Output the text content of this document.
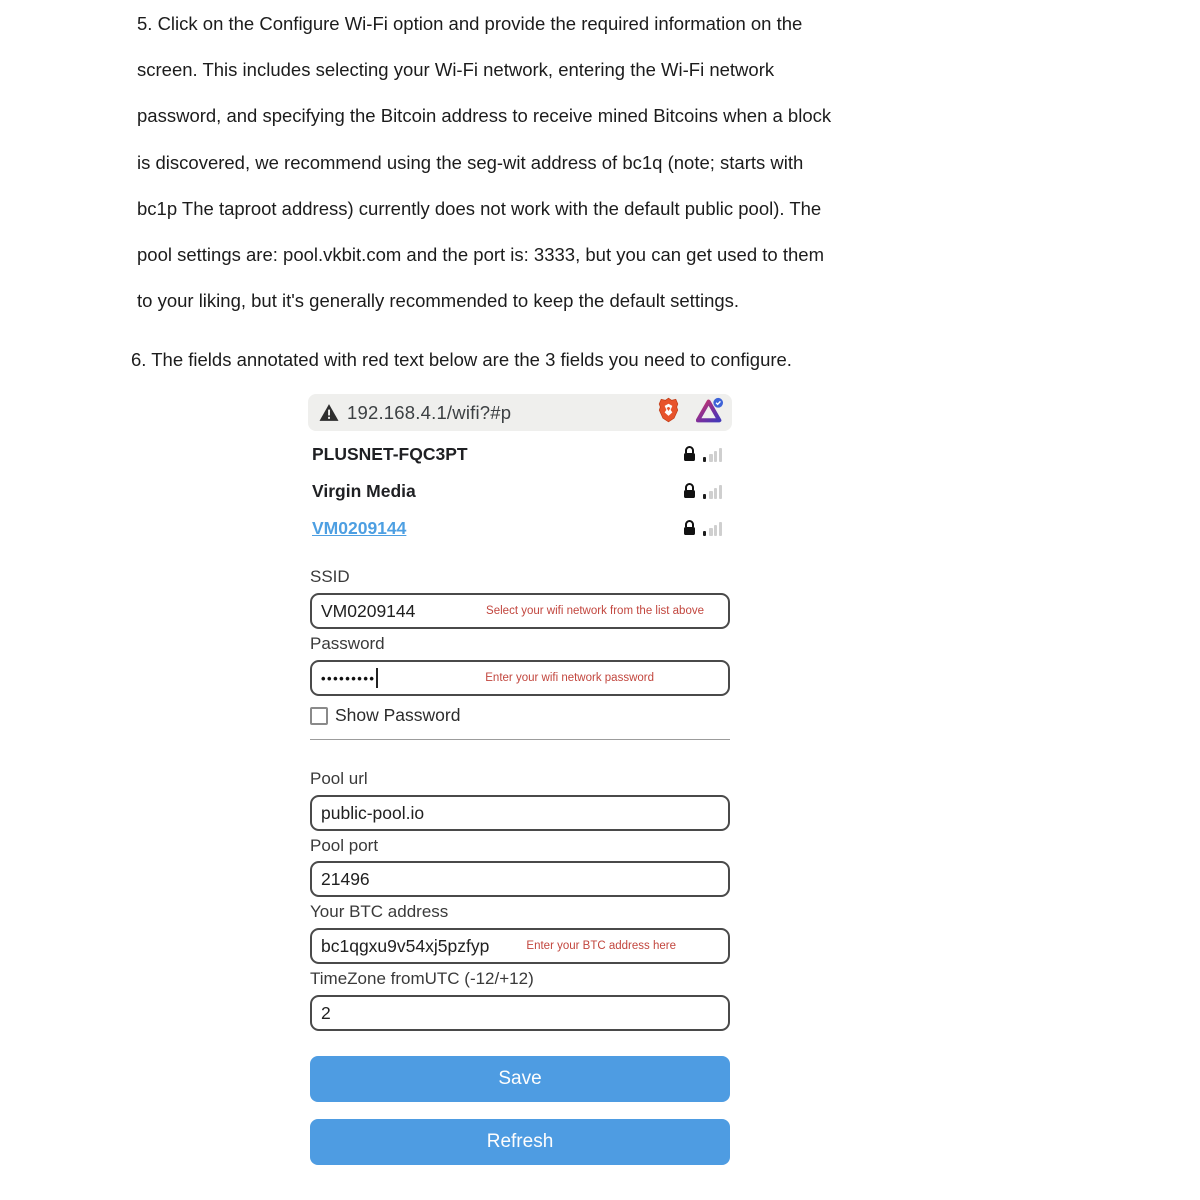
5. Click on the Configure Wi-Fi option and provide the required information on the
screen. This includes selecting your Wi-Fi network, entering the Wi-Fi network
password, and specifying the Bitcoin address to receive mined Bitcoins when a block
is discovered, we recommend using the seg-wit address of bc1q (note; starts with
bc1p The taproot address) currently does not work with the default public pool). The
pool settings are: pool.vkbit.com and the port is: 3333, but you can get used to them
to your liking, but it's generally recommended to keep the default settings.
6. The fields annotated with red text below are the 3 fields you need to configure.
192.168.4.1/wifi?#p
PLUSNET-FQC3PT
Virgin Media
VM0209144
SSID
VM0209144	Select your wifi network from the list above
Password
•••••••••	Enter your wifi network password
Show Password
Pool url
public-pool.io
Pool port
21496
Your BTC address
bc1qgxu9v54xj5pzfyp	Enter your BTC address here
TimeZone fromUTC (-12/+12)
2
Save
Refresh
